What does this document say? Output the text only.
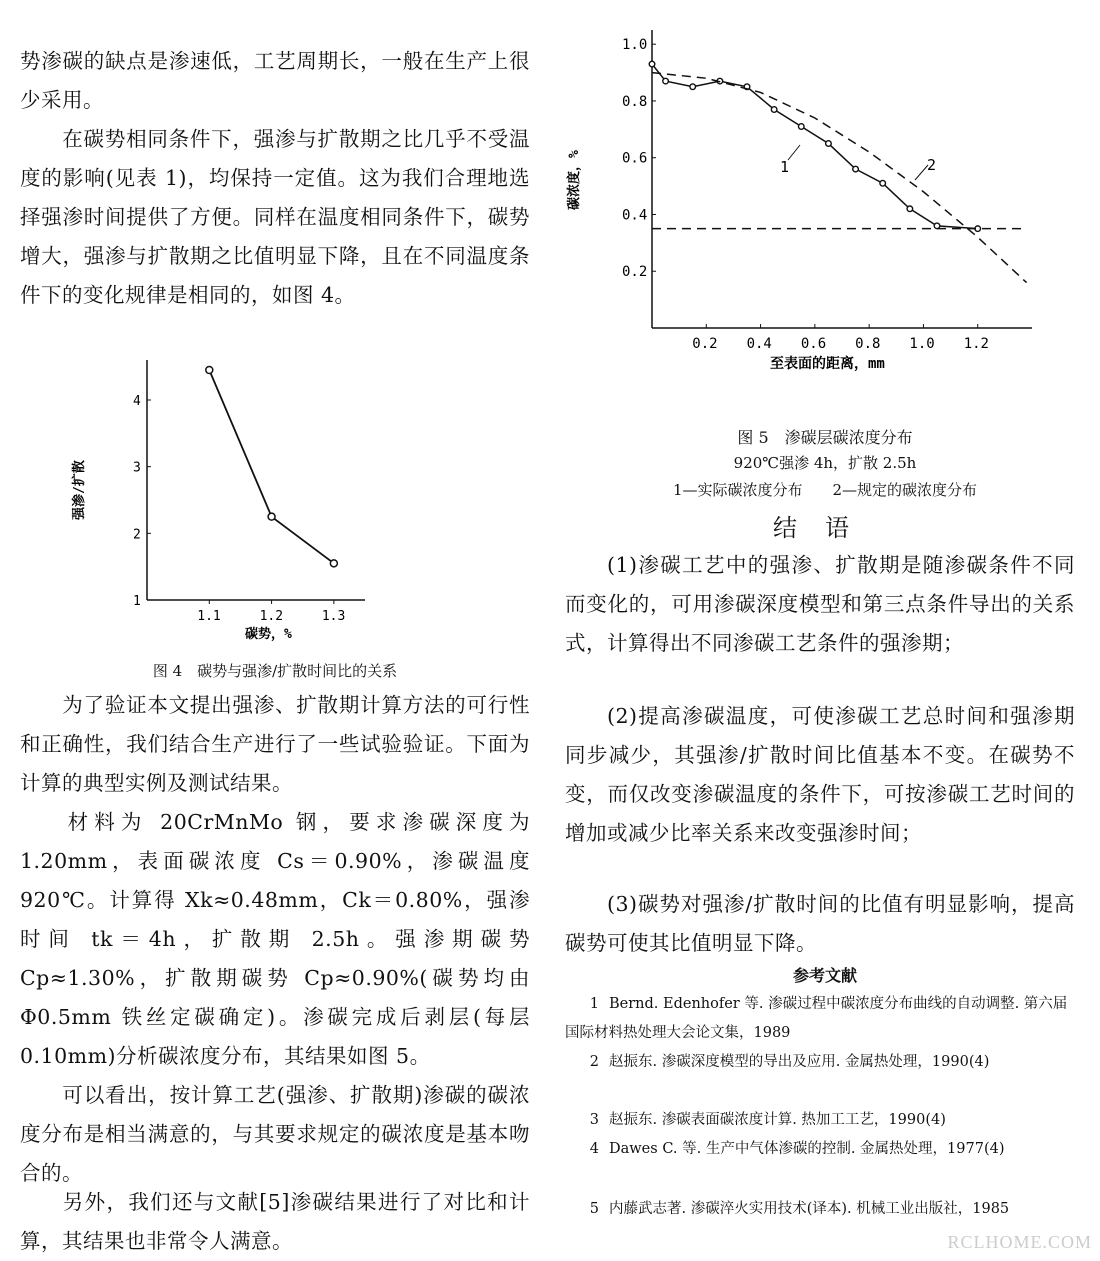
势渗碳的缺点是渗速低，工艺周期长，一般在生产上很少采用。

在碳势相同条件下，强渗与扩散期之比几乎不受温度的影响(见表 1)，均保持一定值。这为我们合理地选择强渗时间提供了方便。同样在温度相同条件下，碳势增大，强渗与扩散期之比值明显下降，且在不同温度条件下的变化规律是相同的，如图 4。

1.1	1.2	1.3
1
2
3
4
强渗/扩散
碳势，%
图 4　碳势与强渗/扩散时间比的关系

为了验证本文提出强渗、扩散期计算方法的可行性和正确性，我们结合生产进行了一些试验验证。下面为计算的典型实例及测试结果。

材料为 20CrMnMo 钢，要求渗碳深度为 1.20mm，表面碳浓度 Cs＝0.90%，渗碳温度 920℃。计算得 Xk≈0.48mm，Ck＝0.80%，强渗时间 tk＝4h，扩散期 2.5h。强渗期碳势 Cp≈1.30%，扩散期碳势 Cp≈0.90%(碳势均由 Φ0.5mm 铁丝定碳确定)。渗碳完成后剥层(每层 0.10mm)分析碳浓度分布，其结果如图 5。

可以看出，按计算工艺(强渗、扩散期)渗碳的碳浓度分布是相当满意的，与其要求规定的碳浓度是基本吻合的。

另外，我们还与文献[5]渗碳结果进行了对比和计算，其结果也非常令人满意。

0.2 0.4 0.6 0.8 1.0 1.2
1.0
0.8
0.6
0.4
0.2
碳浓度，%
至表面的距离，mm
1	2
图 5　渗碳层碳浓度分布
920℃强渗 4h，扩散 2.5h
1—实际碳浓度分布　　2—规定的碳浓度分布
结语

(1)渗碳工艺中的强渗、扩散期是随渗碳条件不同而变化的，可用渗碳深度模型和第三点条件导出的关系式，计算得出不同渗碳工艺条件的强渗期；

(2)提高渗碳温度，可使渗碳工艺总时间和强渗期同步减少，其强渗/扩散时间比值基本不变。在碳势不变，而仅改变渗碳温度的条件下，可按渗碳工艺时间的增加或减少比率关系来改变强渗时间；

(3)碳势对强渗/扩散时间的比值有明显影响，提高碳势可使其比值明显下降。

参考文献
1 Bernd. Edenhofer 等. 渗碳过程中碳浓度分布曲线的自动调整. 第六届国际材料热处理大会论文集，1989
2 赵振东. 渗碳深度模型的导出及应用. 金属热处理，1990(4)
3 赵振东. 渗碳表面碳浓度计算. 热加工工艺，1990(4)
4 Dawes C. 等. 生产中气体渗碳的控制. 金属热处理，1977(4)
5 内藤武志著. 渗碳淬火实用技术(译本). 机械工业出版社，1985
RCLHOME.COM
